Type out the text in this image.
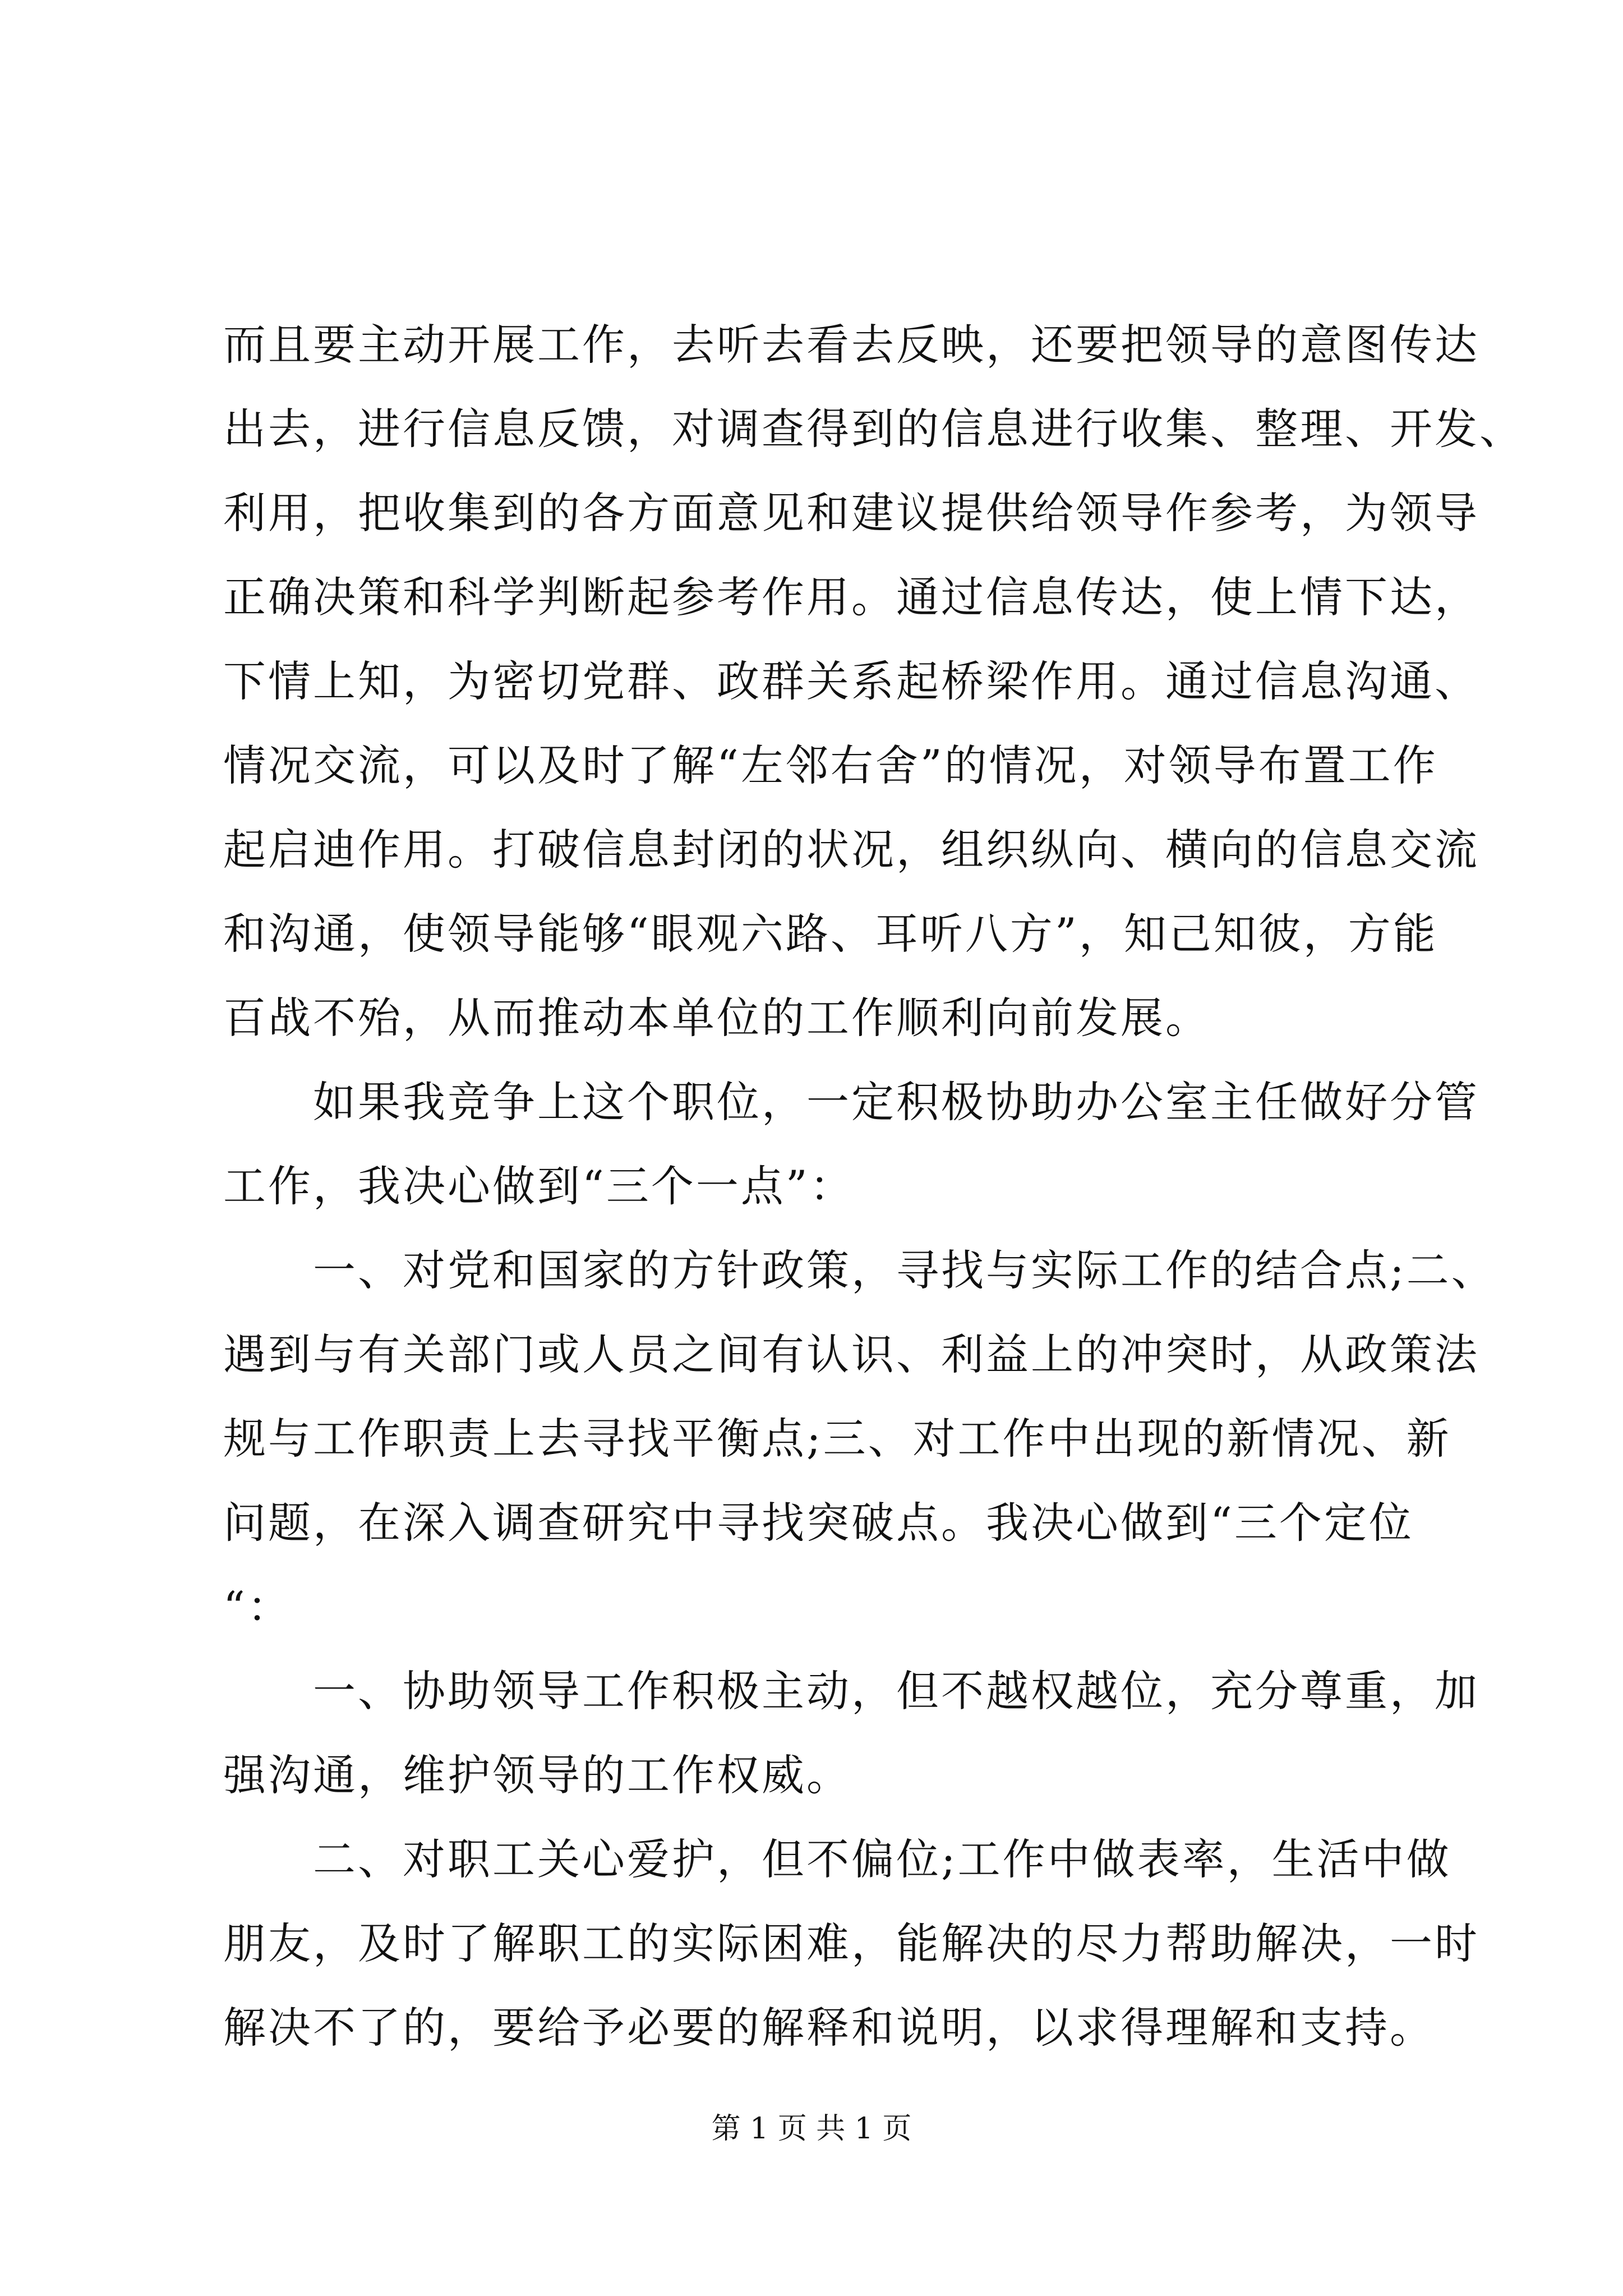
而且要主动开展工作，去听去看去反映，还要把领导的意图传达
出去，进行信息反馈，对调查得到的信息进行收集、整理、开发、
利用，把收集到的各方面意见和建议提供给领导作参考，为领导
正确决策和科学判断起参考作用。通过信息传达，使上情下达，
下情上知，为密切党群、政群关系起桥梁作用。通过信息沟通、
情况交流，可以及时了解“左邻右舍”的情况，对领导布置工作
起启迪作用。打破信息封闭的状况，组织纵向、横向的信息交流
和沟通，使领导能够“眼观六路、耳听八方”，知己知彼，方能
百战不殆，从而推动本单位的工作顺利向前发展。
　　如果我竞争上这个职位，一定积极协助办公室主任做好分管
工作，我决心做到“三个一点”：
　　一、对党和国家的方针政策，寻找与实际工作的结合点;二、
遇到与有关部门或人员之间有认识、利益上的冲突时，从政策法
规与工作职责上去寻找平衡点;三、对工作中出现的新情况、新
问题，在深入调查研究中寻找突破点。我决心做到“三个定位
“：
　　一、协助领导工作积极主动，但不越权越位，充分尊重，加
强沟通，维护领导的工作权威。
　　二、对职工关心爱护，但不偏位;工作中做表率，生活中做
朋友，及时了解职工的实际困难，能解决的尽力帮助解决，一时
解决不了的，要给予必要的解释和说明，以求得理解和支持。
第 1 页 共 1 页
